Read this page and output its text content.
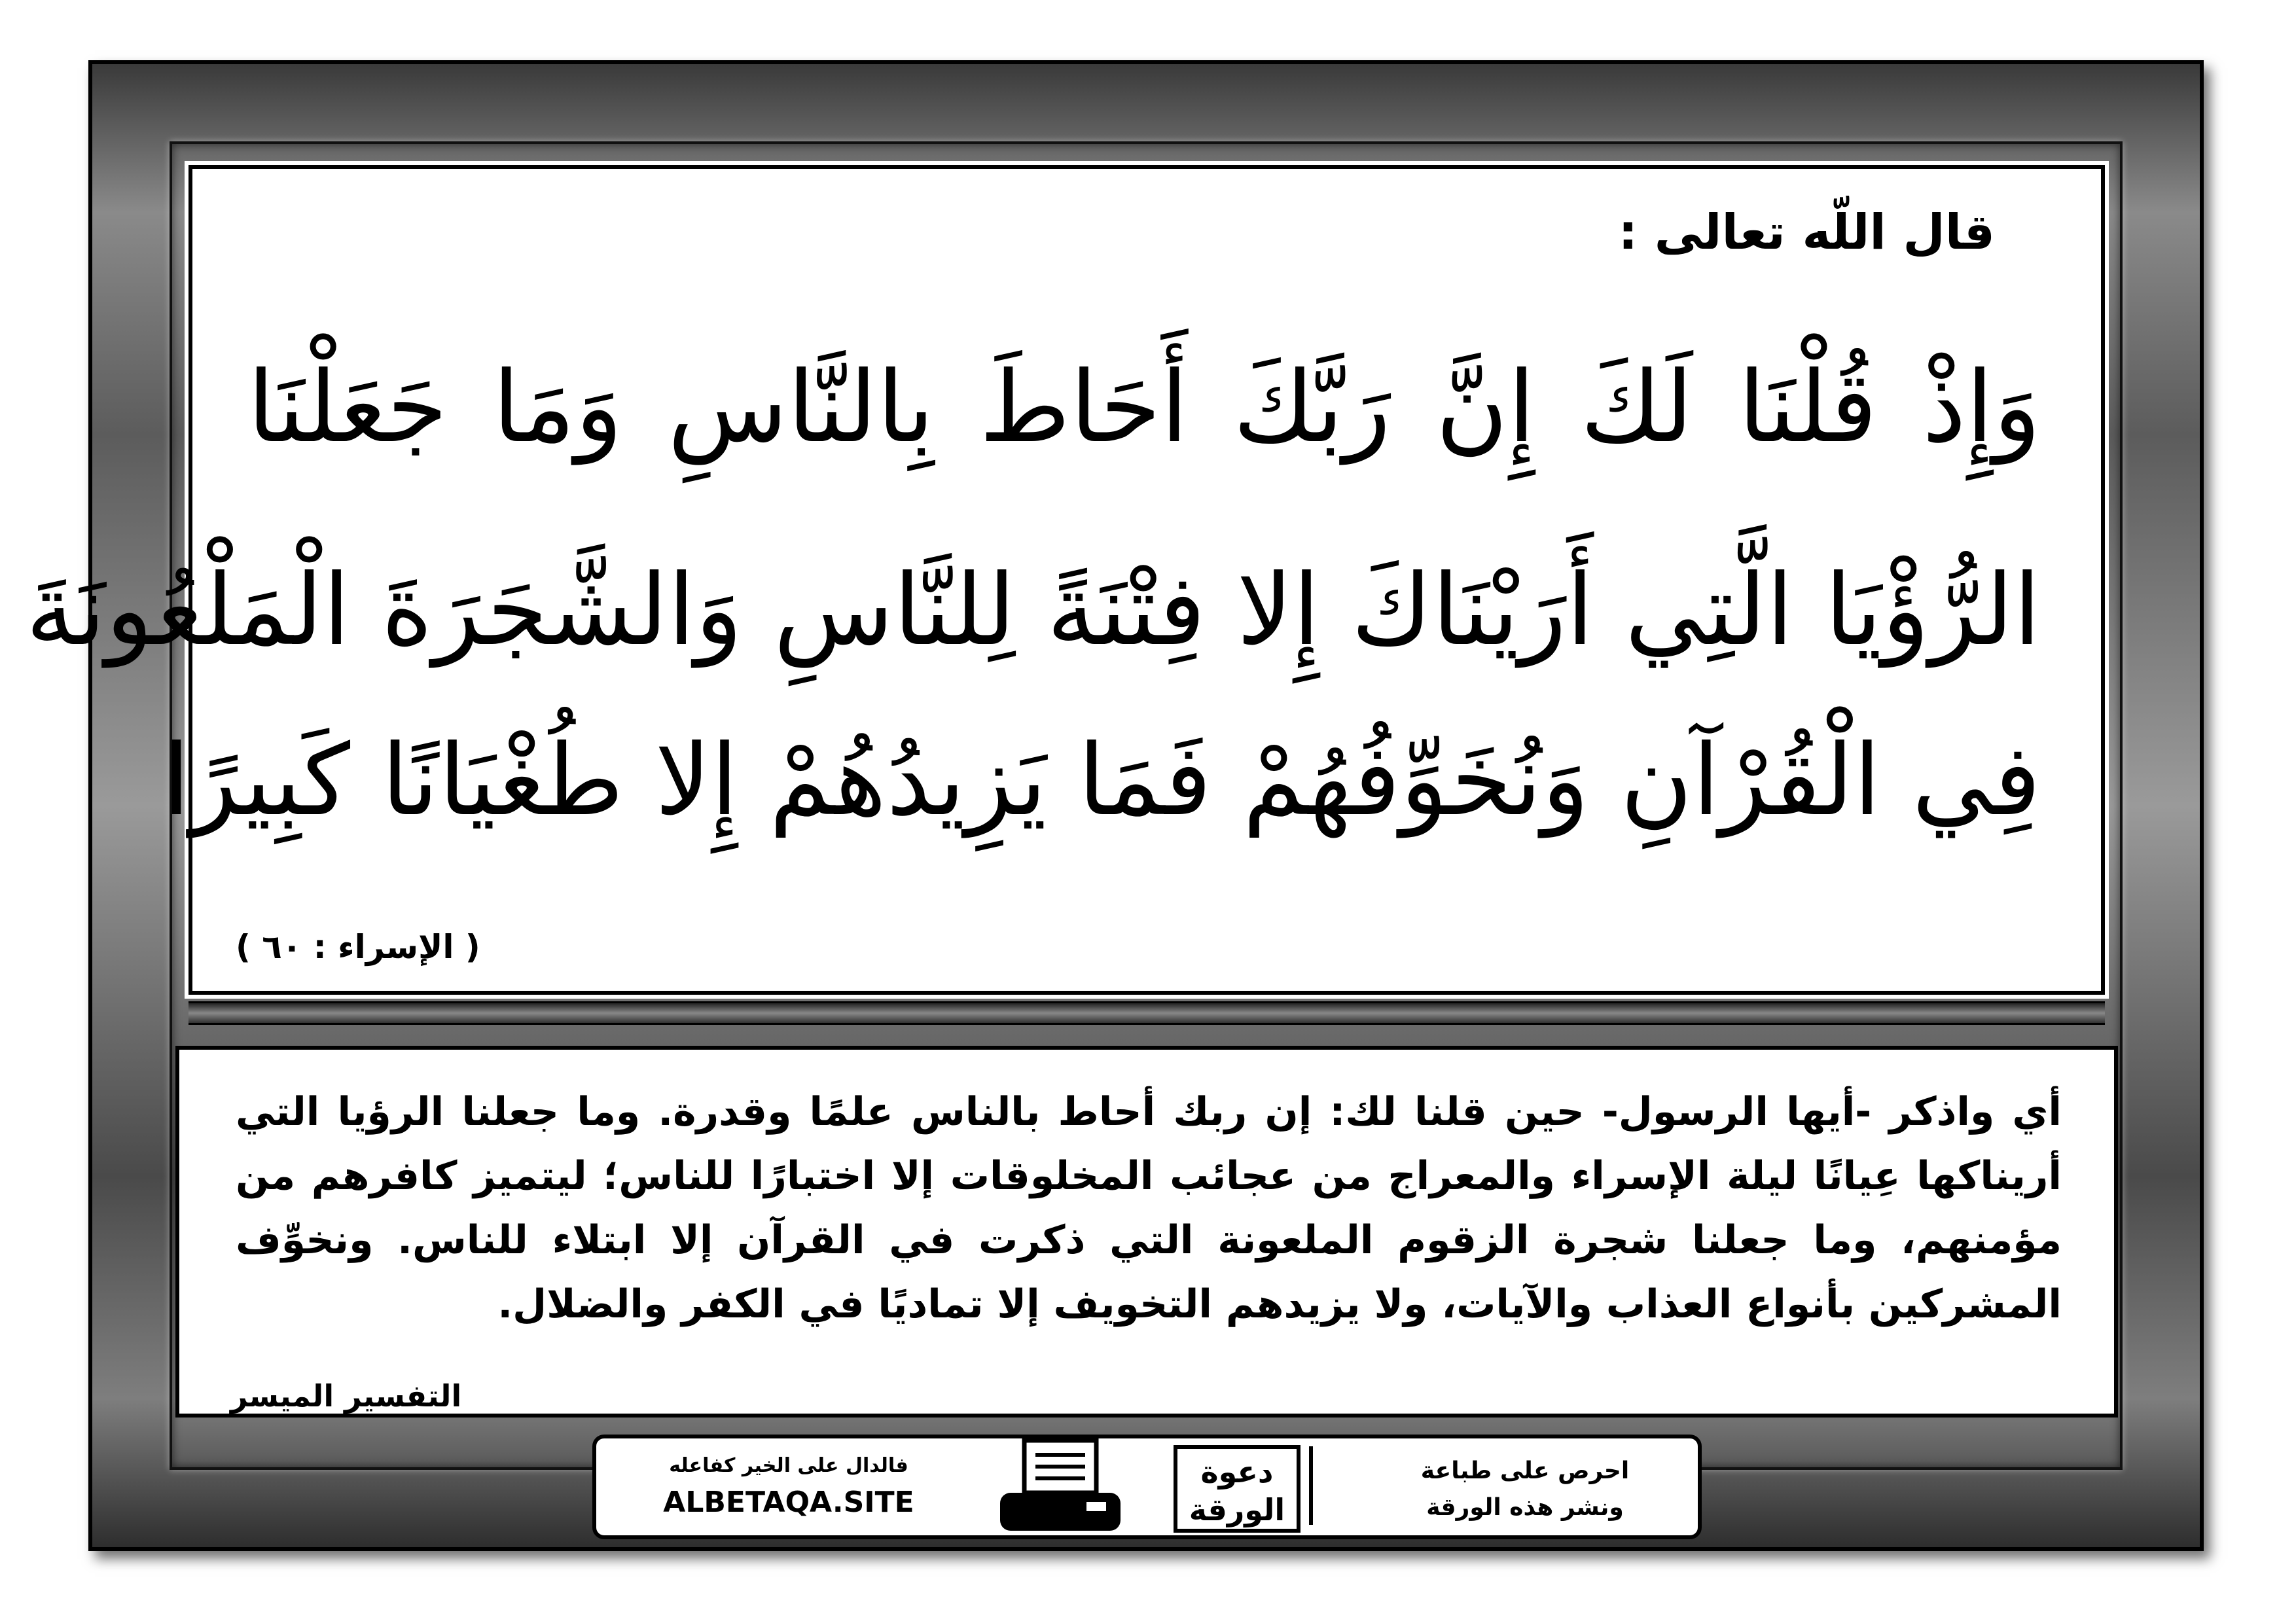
قال اللّه تعالى :
وَإِذْ قُلْنَا لَكَ إِنَّ رَبَّكَ أَحَاطَ بِالنَّاسِ وَمَا جَعَلْنَا
الرُّؤْيَا الَّتِي أَرَيْنَاكَ إِلا فِتْنَةً لِلنَّاسِ وَالشَّجَرَةَ الْمَلْعُونَةَ
فِي الْقُرْآنِ وَنُخَوِّفُهُمْ فَمَا يَزِيدُهُمْ إِلا طُغْيَانًا كَبِيرًا
( الإسراء : ٦٠ )
أي واذكر -أيها الرسول- حين قلنا لك: إن ربك أحاط بالناس علمًا وقدرة. وما جعلنا الرؤيا التي أريناكها عِيانًا ليلة الإسراء والمعراج من عجائب المخلوقات إلا اختبارًا للناس؛ ليتميز كافرهم من مؤمنهم، وما جعلنا شجرة الزقوم الملعونة التي ذكرت في القرآن إلا ابتلاء للناس. ونخوِّف المشركين بأنواع العذاب والآيات، ولا يزيدهم التخويف إلا تماديًا في الكفر والضلال.
التفسير الميسر
فالدال على الخير كفاعله
ALBETAQA.SITE
دعوة
الورقة
احرص على طباعة
ونشر هذه الورقة
